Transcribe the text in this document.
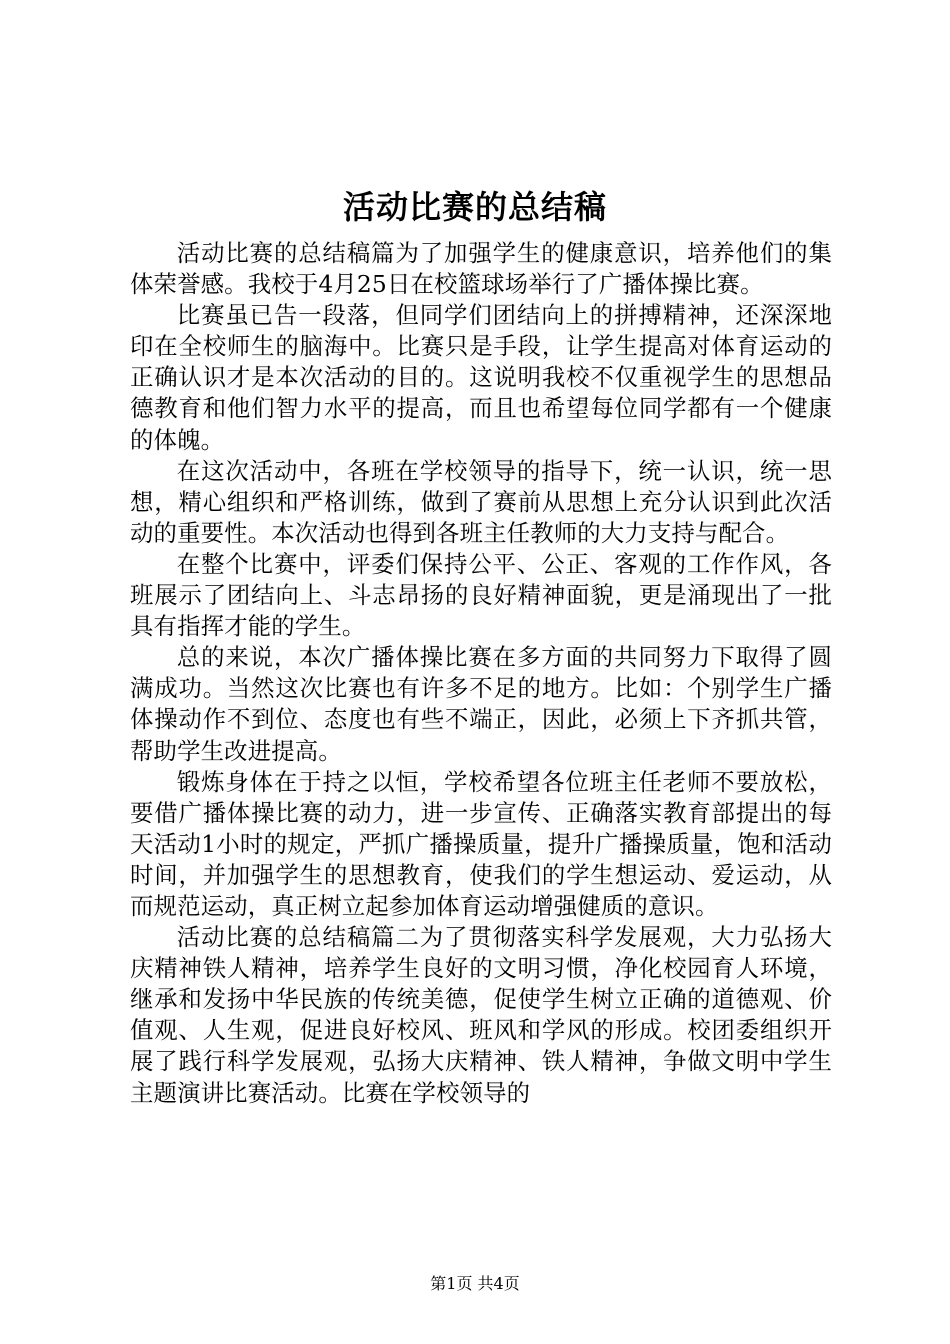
活动比赛的总结稿

活动比赛的总结稿篇为了加强学生的健康意识，培养他们的集体荣誉感。我校于4月25日在校篮球场举行了广播体操比赛。

比赛虽已告一段落，但同学们团结向上的拼搏精神，还深深地印在全校师生的脑海中。比赛只是手段，让学生提高对体育运动的正确认识才是本次活动的目的。这说明我校不仅重视学生的思想品德教育和他们智力水平的提高，而且也希望每位同学都有一个健康的体魄。

在这次活动中，各班在学校领导的指导下，统一认识，统一思想，精心组织和严格训练，做到了赛前从思想上充分认识到此次活动的重要性。本次活动也得到各班主任教师的大力支持与配合。

在整个比赛中，评委们保持公平、公正、客观的工作作风，各班展示了团结向上、斗志昂扬的良好精神面貌，更是涌现出了一批具有指挥才能的学生。

总的来说，本次广播体操比赛在多方面的共同努力下取得了圆满成功。当然这次比赛也有许多不足的地方。比如：个别学生广播体操动作不到位、态度也有些不端正，因此，必须上下齐抓共管，帮助学生改进提高。

锻炼身体在于持之以恒，学校希望各位班主任老师不要放松，要借广播体操比赛的动力，进一步宣传、正确落实教育部提出的每天活动1小时的规定，严抓广播操质量，提升广播操质量，饱和活动时间，并加强学生的思想教育，使我们的学生想运动、爱运动，从而规范运动，真正树立起参加体育运动增强健质的意识。

活动比赛的总结稿篇二为了贯彻落实科学发展观，大力弘扬大庆精神铁人精神，培养学生良好的文明习惯，净化校园育人环境，继承和发扬中华民族的传统美德，促使学生树立正确的道德观、价值观、人生观，促进良好校风、班风和学风的形成。校团委组织开展了践行科学发展观，弘扬大庆精神、铁人精神，争做文明中学生主题演讲比赛活动。比赛在学校领导的

第1页 共4页
